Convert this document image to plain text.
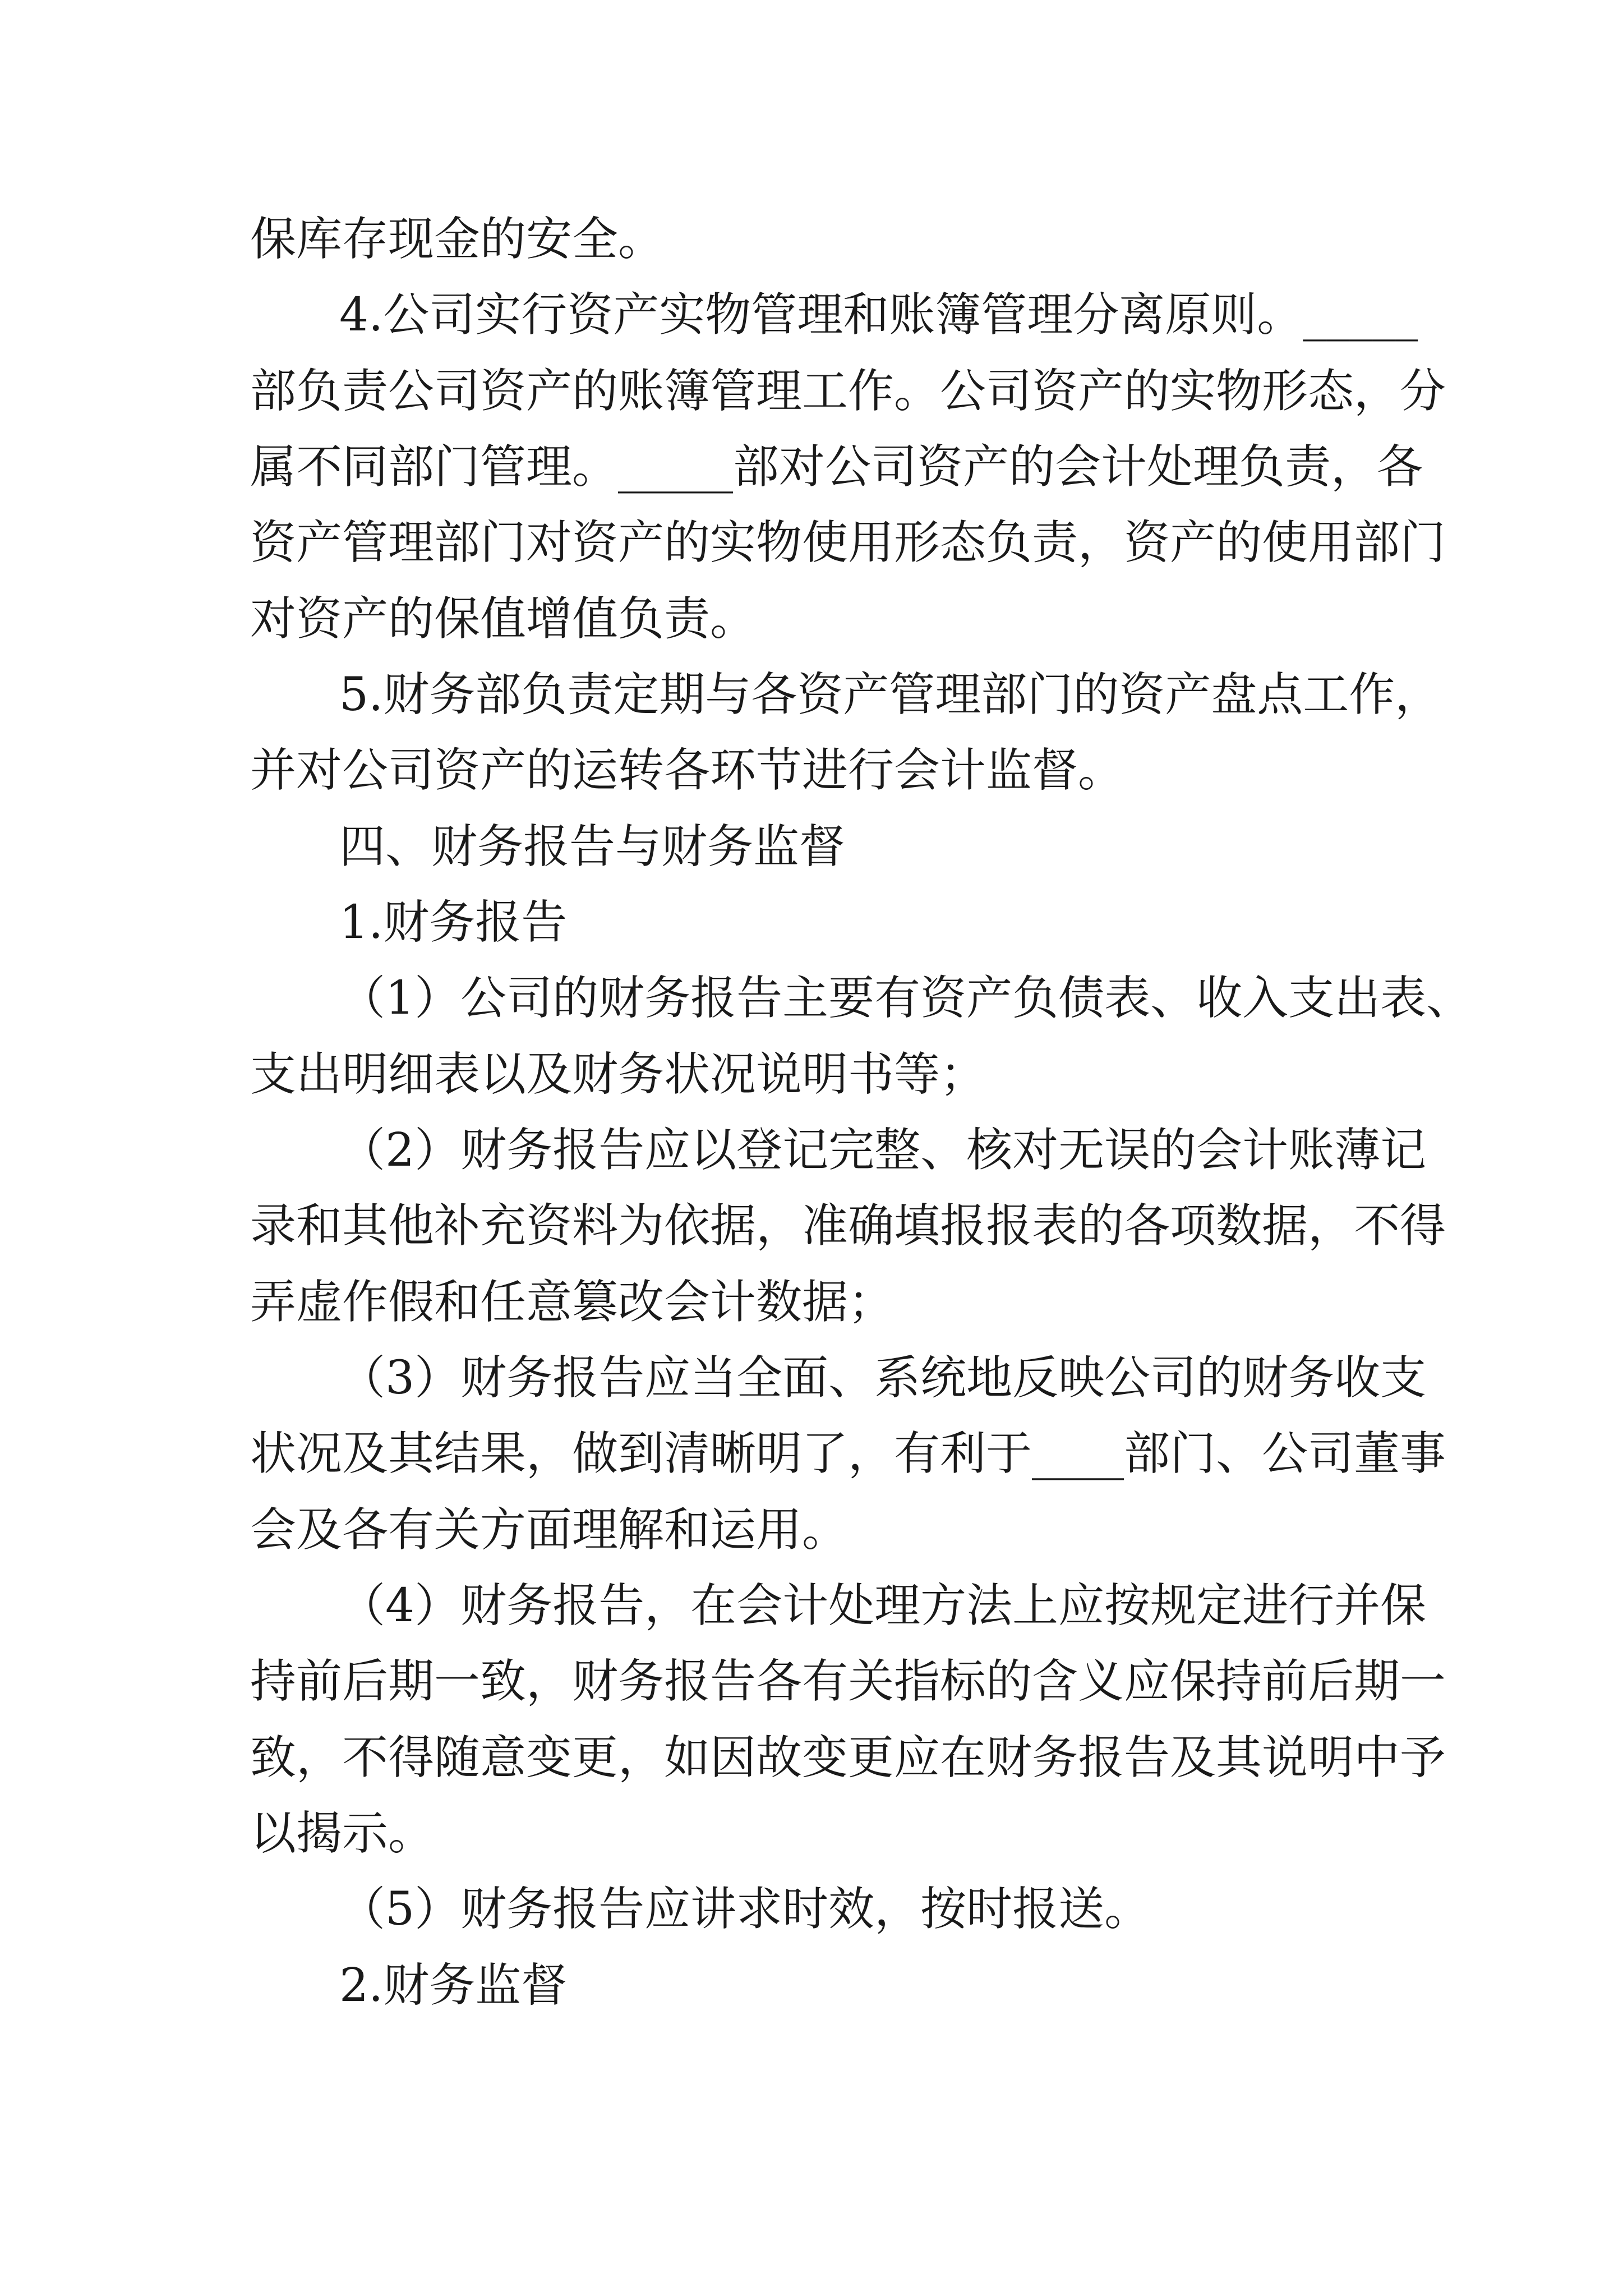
保库存现金的安全。

4.公司实行资产实物管理和账簿管理分离原则。_____

部负责公司资产的账簿管理工作。公司资产的实物形态，分

属不同部门管理。_____部对公司资产的会计处理负责，各

资产管理部门对资产的实物使用形态负责，资产的使用部门

对资产的保值增值负责。

5.财务部负责定期与各资产管理部门的资产盘点工作，

并对公司资产的运转各环节进行会计监督。

四、财务报告与财务监督

1.财务报告

（1）公司的财务报告主要有资产负债表、收入支出表、

支出明细表以及财务状况说明书等；

（2）财务报告应以登记完整、核对无误的会计账薄记

录和其他补充资料为依据，准确填报报表的各项数据，不得

弄虚作假和任意篡改会计数据；

（3）财务报告应当全面、系统地反映公司的财务收支

状况及其结果，做到清晰明了，有利于____部门、公司董事

会及各有关方面理解和运用。

（4）财务报告，在会计处理方法上应按规定进行并保

持前后期一致，财务报告各有关指标的含义应保持前后期一

致，不得随意变更，如因故变更应在财务报告及其说明中予

以揭示。

（5）财务报告应讲求时效，按时报送。

2.财务监督
